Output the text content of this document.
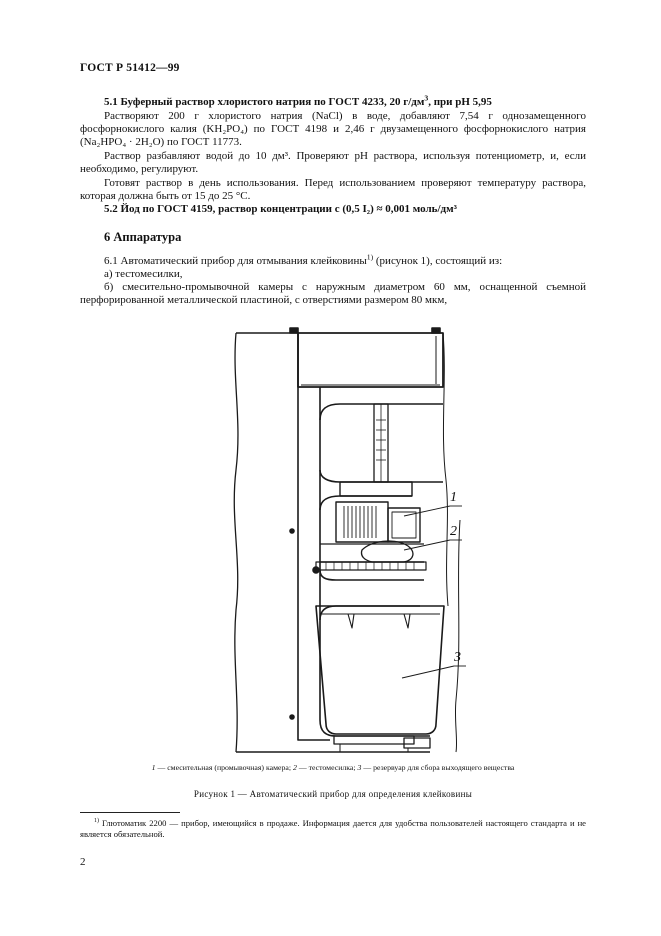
ГОСТ Р 51412—99
5.1 Буферный раствор хлористого натрия по ГОСТ 4233, 20 $г/дм^3$, при рН 5,95

Растворяют 200 г хлористого натрия (NaCl) в воде, добавляют 7,54 г однозамещенного фосфорнокислого калия (KH₂PO₄) по ГОСТ 4198 и 2,46 г двузамещенного фосфорнокислого натрия (Na₂HPO₄ · 2H₂O) по ГОСТ 11773.

Раствор разбавляют водой до 10 дм³. Проверяют рН раствора, используя потенциометр, и, если необходимо, регулируют.

Готовят раствор в день использования. Перед использованием проверяют температуру раствора, которая должна быть от 15 до 25 °С.

5.2 Йод по ГОСТ 4159, раствор концентрации c (0,5 I₂) ≈ 0,001 моль/дм³
6 Аппаратура
6.1 Автоматический прибор для отмывания клейковины$^{1)}$ (рисунок 1), состоящий из:
а) тестомесилки,

б) смесительно-промывочной камеры с наружным диаметром 60 мм, оснащенной съемной перфорированной металлической пластиной, с отверстиями размером 80 мкм,

1
2
3
1 — смесительная (промывочная) камера; 2 — тестомесилка; 3 — резервуар для сбора выходящего вещества
Рисунок 1 — Автоматический прибор для определения клейковины

$^{1)}$ Глютоматик 2200 — прибор, имеющийся в продаже. Информация дается для удобства пользователей настоящего стандарта и не является обязательной.

2
